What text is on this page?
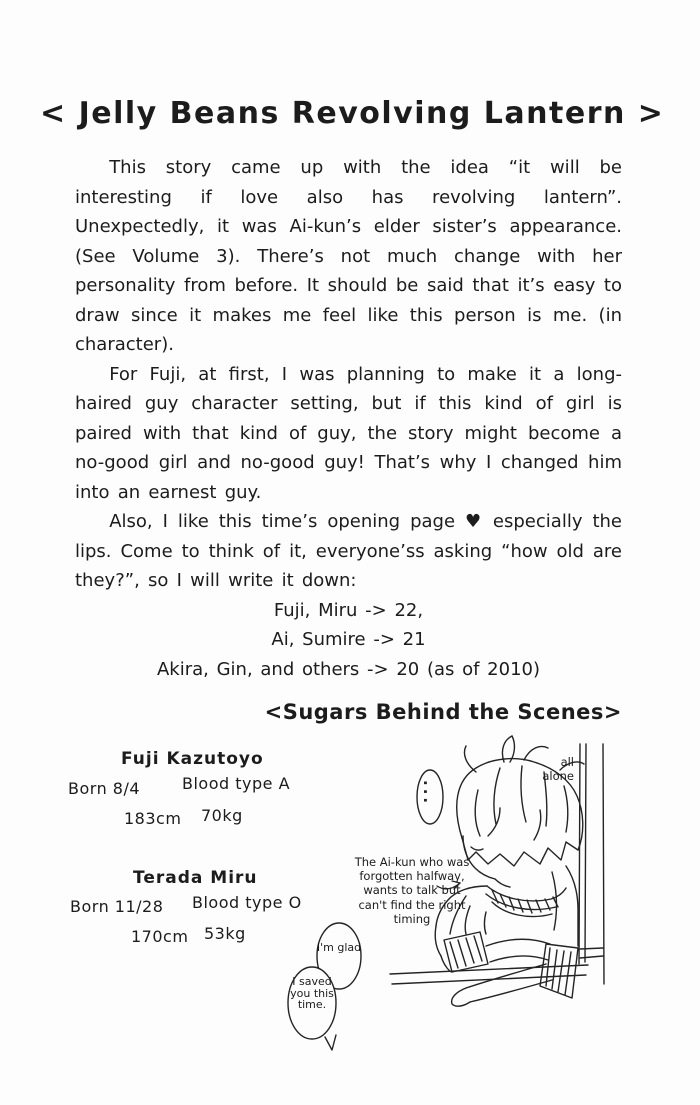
...
< Jelly Beans Revolving Lantern >

This story came up with the idea “it will be interesting if love also has revolving lantern”. Unexpectedly, it was Ai-kun’s elder sister’s appearance. (See Volume 3). There’s not much change with her personality from before. It should be said that it’s easy to draw since it makes me feel like this person is me. (in character).

For Fuji, at first, I was planning to make it a long-haired guy character setting, but if this kind of girl is paired with that kind of guy, the story might become a no-good girl and no-good guy! That’s why I changed him into an earnest guy.

Also, I like this time’s opening page ♥ especially the lips. Come to think of it, everyone’ss asking “how old are they?”, so I will write it down:

Fuji, Miru -> 22,
Ai, Sumire -> 21
Akira, Gin, and others -> 20 (as of 2010)
<Sugars Behind the Scenes>
Fuji Kazutoyo
Born 8/4	Blood type A
183cm 70kg
Terada Miru
Born 11/28 Blood type O
170cm 53kg
all alone
The Ai-kun who was forgotten halfway, wants to talk but can't find the right timing
I'm glad
I saved you this time.
